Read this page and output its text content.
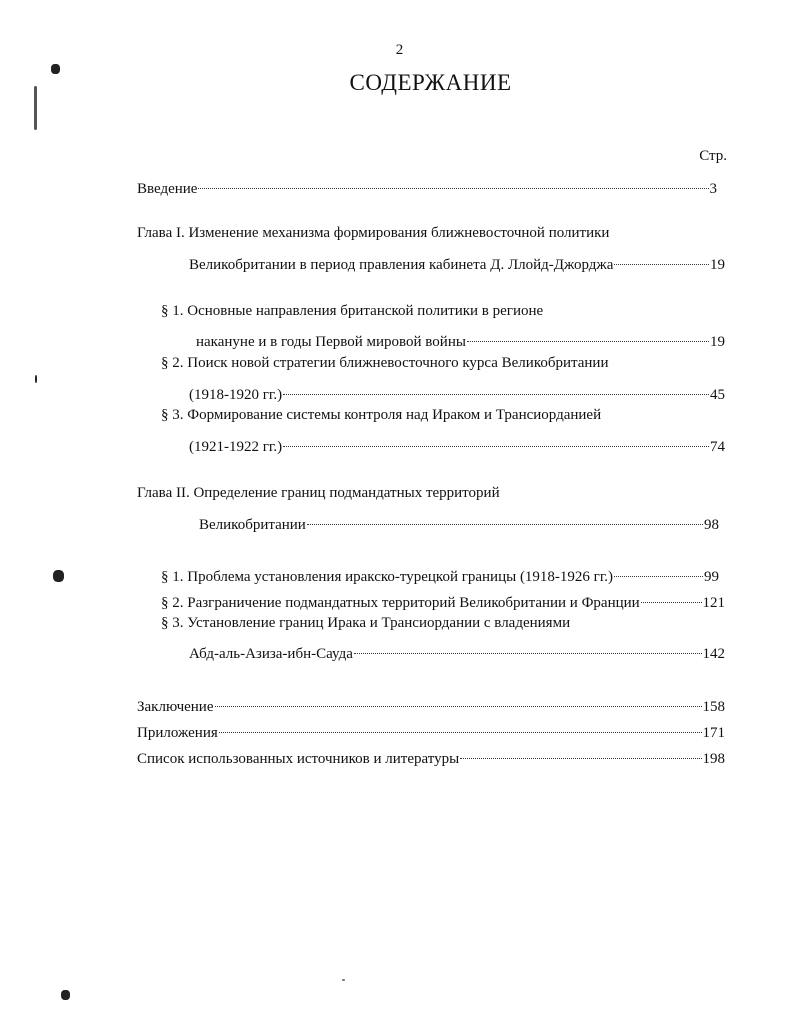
2
СОДЕРЖАНИЕ
Стр.
Введение	3
Глава I. Изменение механизма формирования ближневосточной политики
Великобритании в период правления кабинета Д. Ллойд-Джорджа	19
§ 1. Основные направления британской политики в регионе
накануне и в годы Первой мировой войны	19
§ 2. Поиск новой стратегии ближневосточного курса Великобритании
(1918-1920 гг.)	45
§ 3. Формирование системы контроля над Ираком и Трансиорданией
(1921-1922 гг.)	74
Глава II. Определение границ подмандатных территорий
Великобритании	98
§ 1. Проблема установления иракско-турецкой границы (1918-1926 гг.)	99
§ 2. Разграничение подмандатных территорий Великобритании и Франции	121
§ 3. Установление границ Ирака и Трансиордании с владениями
Абд-аль-Азиза-ибн-Сауда	142
Заключение	158
Приложения	171
Список использованных источников и литературы	198
